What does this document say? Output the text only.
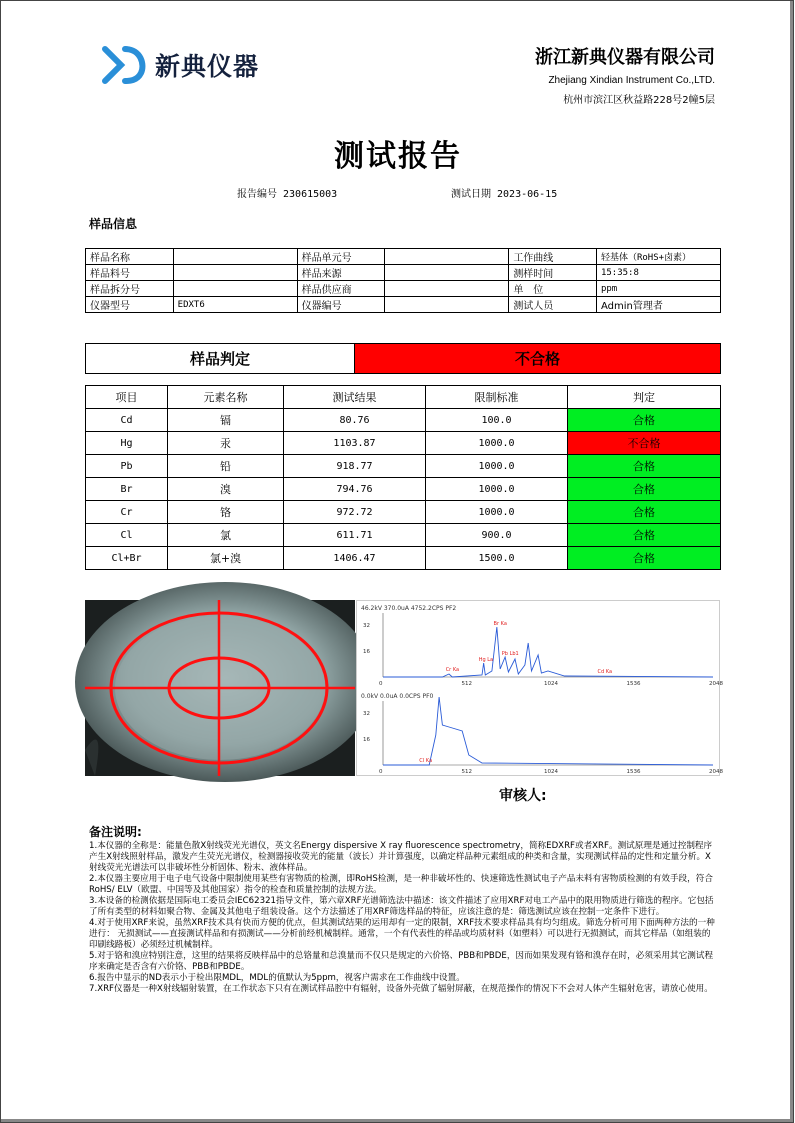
新典仪器	浙江新典仪器有限公司
Zhejiang Xindian Instrument Co.,LTD.
杭州市滨江区秋益路228号2幢5层
测试报告
报告编号 230615003	测试日期 2023-06-15
样品信息
样品名称		样品单元号		工作曲线	轻基体（RoHS+卤素）
样品料号		样品来源		测样时间	15:35:8
样品拆分号		样品供应商		单　位	ppm
仪器型号	EDXT6	仪器编号		测试人员	Admin管理者
样品判定	不合格
项目	元素名称	测试结果	限制标准	判定
Cd	镉	80.76	100.0	合格
Hg	汞	1103.87	1000.0	不合格
Pb	铅	918.77	1000.0	合格
Br	溴	794.76	1000.0	合格
Cr	铬	972.72	1000.0	合格
Cl	氯	611.71	900.0	合格
Cl+Br	氯+溴	1406.47	1500.0	合格
46.2kV 370.0uA 4752.2CPS PF2
32
16
0	512	1024	1536	2048
0.0kV 0.0uA 0.0CPS PF0
32
16
0	512	1024	1536	2048
Cr Ka
Hg La
Pb Lb1
Br Ka
Cd Ka
Cl Ka
审核人:
备注说明:

1.本仪器的全称是：能量色散X射线荧光光谱仪，英文名Energy dispersive X ray fluorescence spectrometry，简称EDXRF或者XRF。测试原理是通过控制程序产生X射线照射样品，激发产生荧光光谱仪，检测器接收荧光的能量（波长）并计算强度，以确定样品种元素组成的种类和含量，实现测试样品的定性和定量分析。X射线荧光光谱法可以非破坏性分析固体、粉末、液体样品。

2.本仪器主要应用于电子电气设备中限制使用某些有害物质的检测，即RoHS检测，是一种非破坏性的、快速筛选性测试电子产品未料有害物质检测的有效手段，符合RoHS/ ELV（欧盟、中国等及其他国家）指令的检查和质量控制的法规方法。

3.本设备的检测依据是国际电工委员会IEC62321指导文件，第六章XRF光谱筛选法中描述：该文件描述了应用XRF对电工产品中的限用物质进行筛选的程序。它包括了所有类型的材料如聚合物、金属及其他电子组装设备。这个方法描述了用XRF筛选样品的特征，应该注意的是：筛选测试应该在控制一定条件下进行。

4.对于使用XRF来说，虽然XRF技术具有快而方便的优点，但其测试结果的运用却有一定的限制，XRF技术要求样品具有均匀组成。筛选分析可用下面两种方法的一种进行： 无损测试——直接测试样品和有损测试——分析前经机械制样。通常，一个有代表性的样品或均质材料（如塑料）可以进行无损测试，而其它样品（如组装的印刷线路板）必须经过机械制样。

5.对于铬和溴应特别注意，这里的结果将反映样品中的总铬量和总溴量而不仅只是规定的六价铬、PBB和PBDE，因而如果发现有铬和溴存在时，必须采用其它测试程序来确定是否含有六价铬、PBB和PBDE。

6.报告中显示的ND表示小于检出限MDL，MDL的值默认为5ppm，视客户需求在工作曲线中设置。

7.XRF仪器是一种X射线辐射装置，在工作状态下只有在测试样品腔中有辐射，设备外壳做了辐射屏蔽，在规范操作的情况下不会对人体产生辐射危害，请放心使用。
